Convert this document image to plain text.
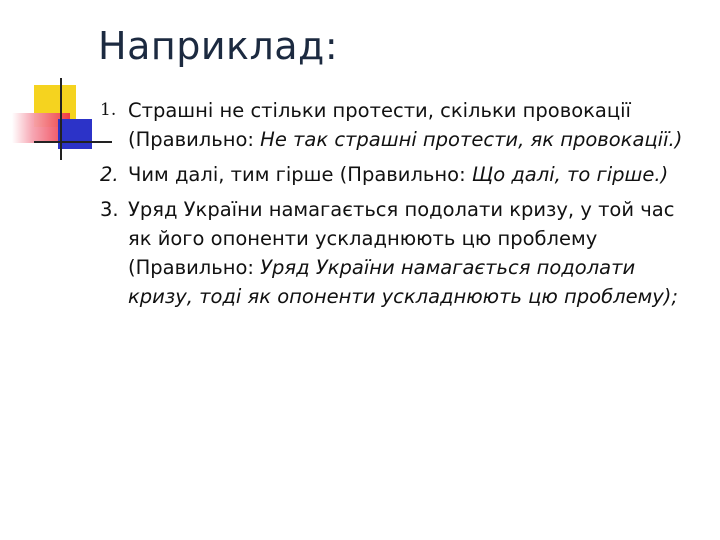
Наприклад:
1. Страшні не стільки протести, скільки провокації (Правильно: Не так страшні протести, як провокації.)
2. Чим далі, тим гірше (Правильно: Що далі, то гірше.)
3. Уряд України намагається подолати кризу, у той час як його опоненти ускладнюють цю проблему (Правильно: Уряд України намагається подолати кризу, тоді як опоненти ускладнюють цю проблему);
